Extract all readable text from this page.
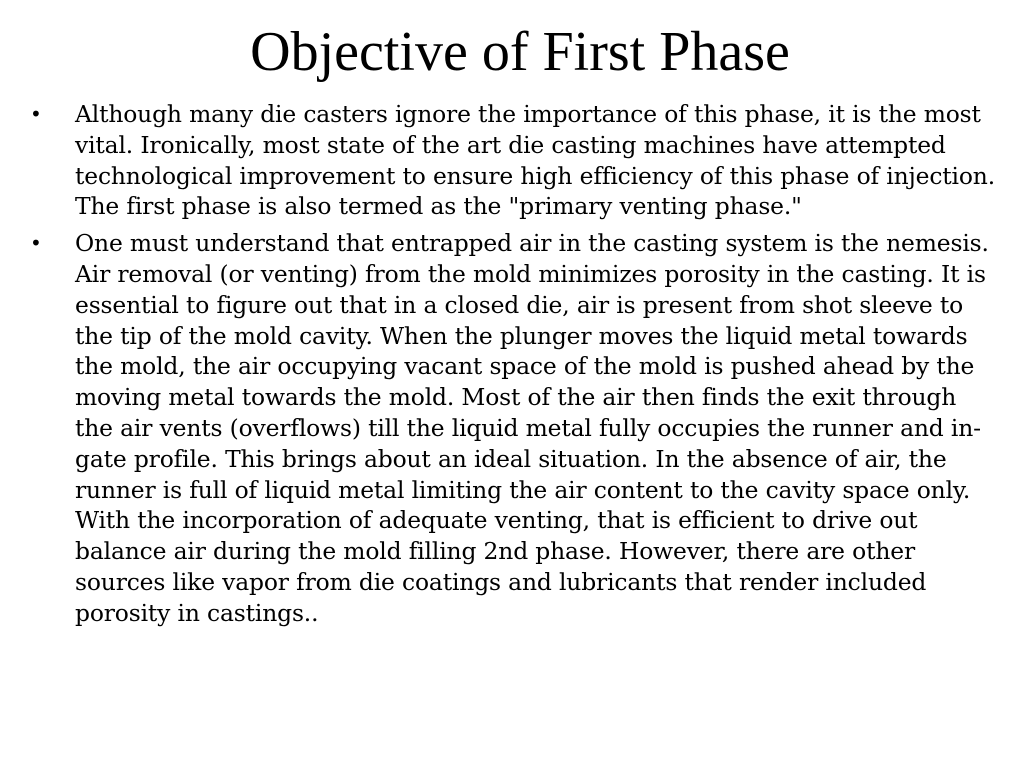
Objective of First Phase
• Although many die casters ignore the importance of this phase, it is the most vital. Ironically, most state of the art die casting machines have attempted technological improvement to ensure high efficiency of this phase of injection. The first phase is also termed as the "primary venting phase."
• One must understand that entrapped air in the casting system is the nemesis. Air removal (or venting) from the mold minimizes porosity in the casting. It is essential to figure out that in a closed die, air is present from shot sleeve to the tip of the mold cavity. When the plunger moves the liquid metal towards the mold, the air occupying vacant space of the mold is pushed ahead by the moving metal towards the mold. Most of the air then finds the exit through the air vents (overflows) till the liquid metal fully occupies the runner and in-gate profile. This brings about an ideal situation. In the absence of air, the runner is full of liquid metal limiting the air content to the cavity space only. With the incorporation of adequate venting, that is efficient to drive out balance air during the mold filling 2nd phase. However, there are other sources like vapor from die coatings and lubricants that render included porosity in castings..
